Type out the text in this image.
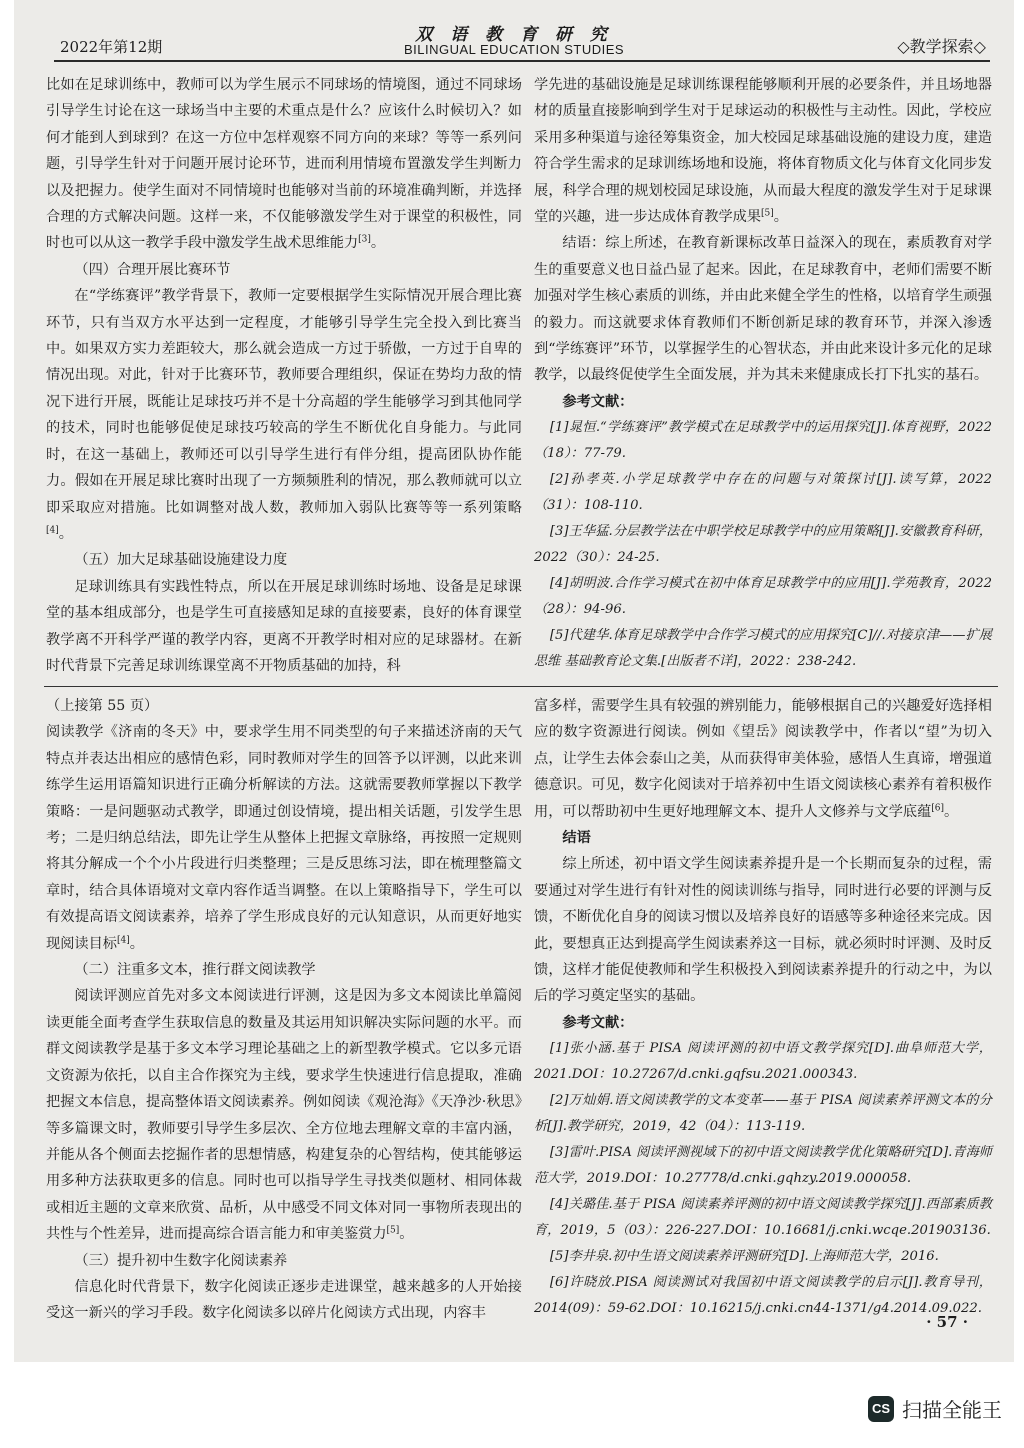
2022年第12期
双 语 教 育 研 究
BILINGUAL EDUCATION STUDIES	◇教学探索◇

比如在足球训练中，教师可以为学生展示不同球场的情境图，通过不同球场引导学生讨论在这一球场当中主要的术重点是什么？应该什么时候切入？如何才能到人到球到？在这一方位中怎样观察不同方向的来球？等等一系列问题，引导学生针对于问题开展讨论环节，进而利用情境布置激发学生判断力以及把握力。使学生面对不同情境时也能够对当前的环境准确判断，并选择合理的方式解决问题。这样一来，不仅能够激发学生对于课堂的积极性，同时也可以从这一教学手段中激发学生战术思维能力[3]。

（四）合理开展比赛环节

在“学练赛评”教学背景下，教师一定要根据学生实际情况开展合理比赛环节，只有当双方水平达到一定程度，才能够引导学生完全投入到比赛当中。如果双方实力差距较大，那么就会造成一方过于骄傲，一方过于自卑的情况出现。对此，针对于比赛环节，教师要合理组织，保证在势均力敌的情况下进行开展，既能让足球技巧并不是十分高超的学生能够学习到其他同学的技术，同时也能够促使足球技巧较高的学生不断优化自身能力。与此同时，在这一基础上，教师还可以引导学生进行有伴分组，提高团队协作能力。假如在开展足球比赛时出现了一方频频胜利的情况，那么教师就可以立即采取应对措施。比如调整对战人数，教师加入弱队比赛等等一系列策略[4]。

（五）加大足球基础设施建设力度

足球训练具有实践性特点，所以在开展足球训练时场地、设备是足球课堂的基本组成部分，也是学生可直接感知足球的直接要素，良好的体育课堂教学离不开科学严谨的教学内容，更离不开教学时相对应的足球器材。在新时代背景下完善足球训练课堂离不开物质基础的加持，科

学先进的基础设施是足球训练课程能够顺利开展的必要条件，并且场地器材的质量直接影响到学生对于足球运动的积极性与主动性。因此，学校应采用多种渠道与途径筹集资金，加大校园足球基础设施的建设力度，建造符合学生需求的足球训练场地和设施，将体育物质文化与体育文化同步发展，科学合理的规划校园足球设施，从而最大程度的激发学生对于足球课堂的兴趣，进一步达成体育教学成果[5]。

结语：综上所述，在教育新课标改革日益深入的现在，素质教育对学生的重要意义也日益凸显了起来。因此，在足球教育中，老师们需要不断加强对学生核心素质的训练，并由此来健全学生的性格，以培育学生顽强的毅力。而这就要求体育教师们不断创新足球的教育环节，并深入渗透到“学练赛评”环节，以掌握学生的心智状态，并由此来设计多元化的足球教学，以最终促使学生全面发展，并为其未来健康成长打下扎实的基石。

参考文献：

[1]晁恒.“学练赛评”教学模式在足球教学中的运用探究[J].体育视野，2022（18）：77-79.

[2]孙孝英.小学足球教学中存在的问题与对策探讨[J].读写算，2022（31）：108-110.

[3]王华猛.分层教学法在中职学校足球教学中的应用策略[J].安徽教育科研，2022（30）：24-25.

[4]胡明波.合作学习模式在初中体育足球教学中的应用[J].学苑教育，2022（28）：94-96.

[5]代建华.体育足球教学中合作学习模式的应用探究[C]//.对接京津——扩展思维 基础教育论文集.[出版者不详]，2022：238-242.

（上接第 55 页）

阅读教学《济南的冬天》中，要求学生用不同类型的句子来描述济南的天气特点并表达出相应的感情色彩，同时教师对学生的回答予以评测，以此来训练学生运用语篇知识进行正确分析解读的方法。这就需要教师掌握以下教学策略：一是问题驱动式教学，即通过创设情境，提出相关话题，引发学生思考；二是归纳总结法，即先让学生从整体上把握文章脉络，再按照一定规则将其分解成一个个小片段进行归类整理；三是反思练习法，即在梳理整篇文章时，结合具体语境对文章内容作适当调整。在以上策略指导下，学生可以有效提高语文阅读素养，培养了学生形成良好的元认知意识，从而更好地实现阅读目标[4]。

（二）注重多文本，推行群文阅读教学

阅读评测应首先对多文本阅读进行评测，这是因为多文本阅读比单篇阅读更能全面考查学生获取信息的数量及其运用知识解决实际问题的水平。而群文阅读教学是基于多文本学习理论基础之上的新型教学模式。它以多元语文资源为依托，以自主合作探究为主线，要求学生快速进行信息提取，准确把握文本信息，提高整体语文阅读素养。例如阅读《观沧海》《天净沙·秋思》等多篇课文时，教师要引导学生多层次、全方位地去理解文章的丰富内涵，并能从各个侧面去挖掘作者的思想情感，构建复杂的心智结构，使其能够运用多种方法获取更多的信息。同时也可以指导学生寻找类似题材、相同体裁或相近主题的文章来欣赏、品析，从中感受不同文体对同一事物所表现出的共性与个性差异，进而提高综合语言能力和审美鉴赏力[5]。

（三）提升初中生数字化阅读素养

信息化时代背景下，数字化阅读正逐步走进课堂，越来越多的人开始接受这一新兴的学习手段。数字化阅读多以碎片化阅读方式出现，内容丰

富多样，需要学生具有较强的辨别能力，能够根据自己的兴趣爱好选择相应的数字资源进行阅读。例如《望岳》阅读教学中，作者以“望”为切入点，让学生去体会泰山之美，从而获得审美体验，感悟人生真谛，增强道德意识。可见，数字化阅读对于培养初中生语文阅读核心素养有着积极作用，可以帮助初中生更好地理解文本、提升人文修养与文学底蕴[6]。

结语

综上所述，初中语文学生阅读素养提升是一个长期而复杂的过程，需要通过对学生进行有针对性的阅读训练与指导，同时进行必要的评测与反馈，不断优化自身的阅读习惯以及培养良好的语感等多种途径来完成。因此，要想真正达到提高学生阅读素养这一目标，就必须时时评测、及时反馈，这样才能促使教师和学生积极投入到阅读素养提升的行动之中，为以后的学习奠定坚实的基础。

参考文献：

[1]张小涵.基于 PISA 阅读评测的初中语文教学探究[D].曲阜师范大学，2021.DOI：10.27267/d.cnki.gqfsu.2021.000343.

[2]万灿娟.语文阅读教学的文本变革——基于 PISA 阅读素养评测文本的分析[J].教学研究，2019，42（04）：113-119.

[3]雷叶.PISA 阅读评测视域下的初中语文阅读教学优化策略研究[D].青海师范大学，2019.DOI：10.27778/d.cnki.gqhzy.2019.000058.

[4]关璐佳.基于 PISA 阅读素养评测的初中语文阅读教学探究[J].西部素质教育，2019，5（03）：226-227.DOI：10.16681/j.cnki.wcqe.201903136.

[5]李井泉.初中生语文阅读素养评测研究[D].上海师范大学，2016.

[6]许晓放.PISA 阅读测试对我国初中语文阅读教学的启示[J].教育导刊，2014(09)：59-62.DOI：10.16215/j.cnki.cn44-1371/g4.2014.09.022.

· 57 ·
CS 扫描全能王
